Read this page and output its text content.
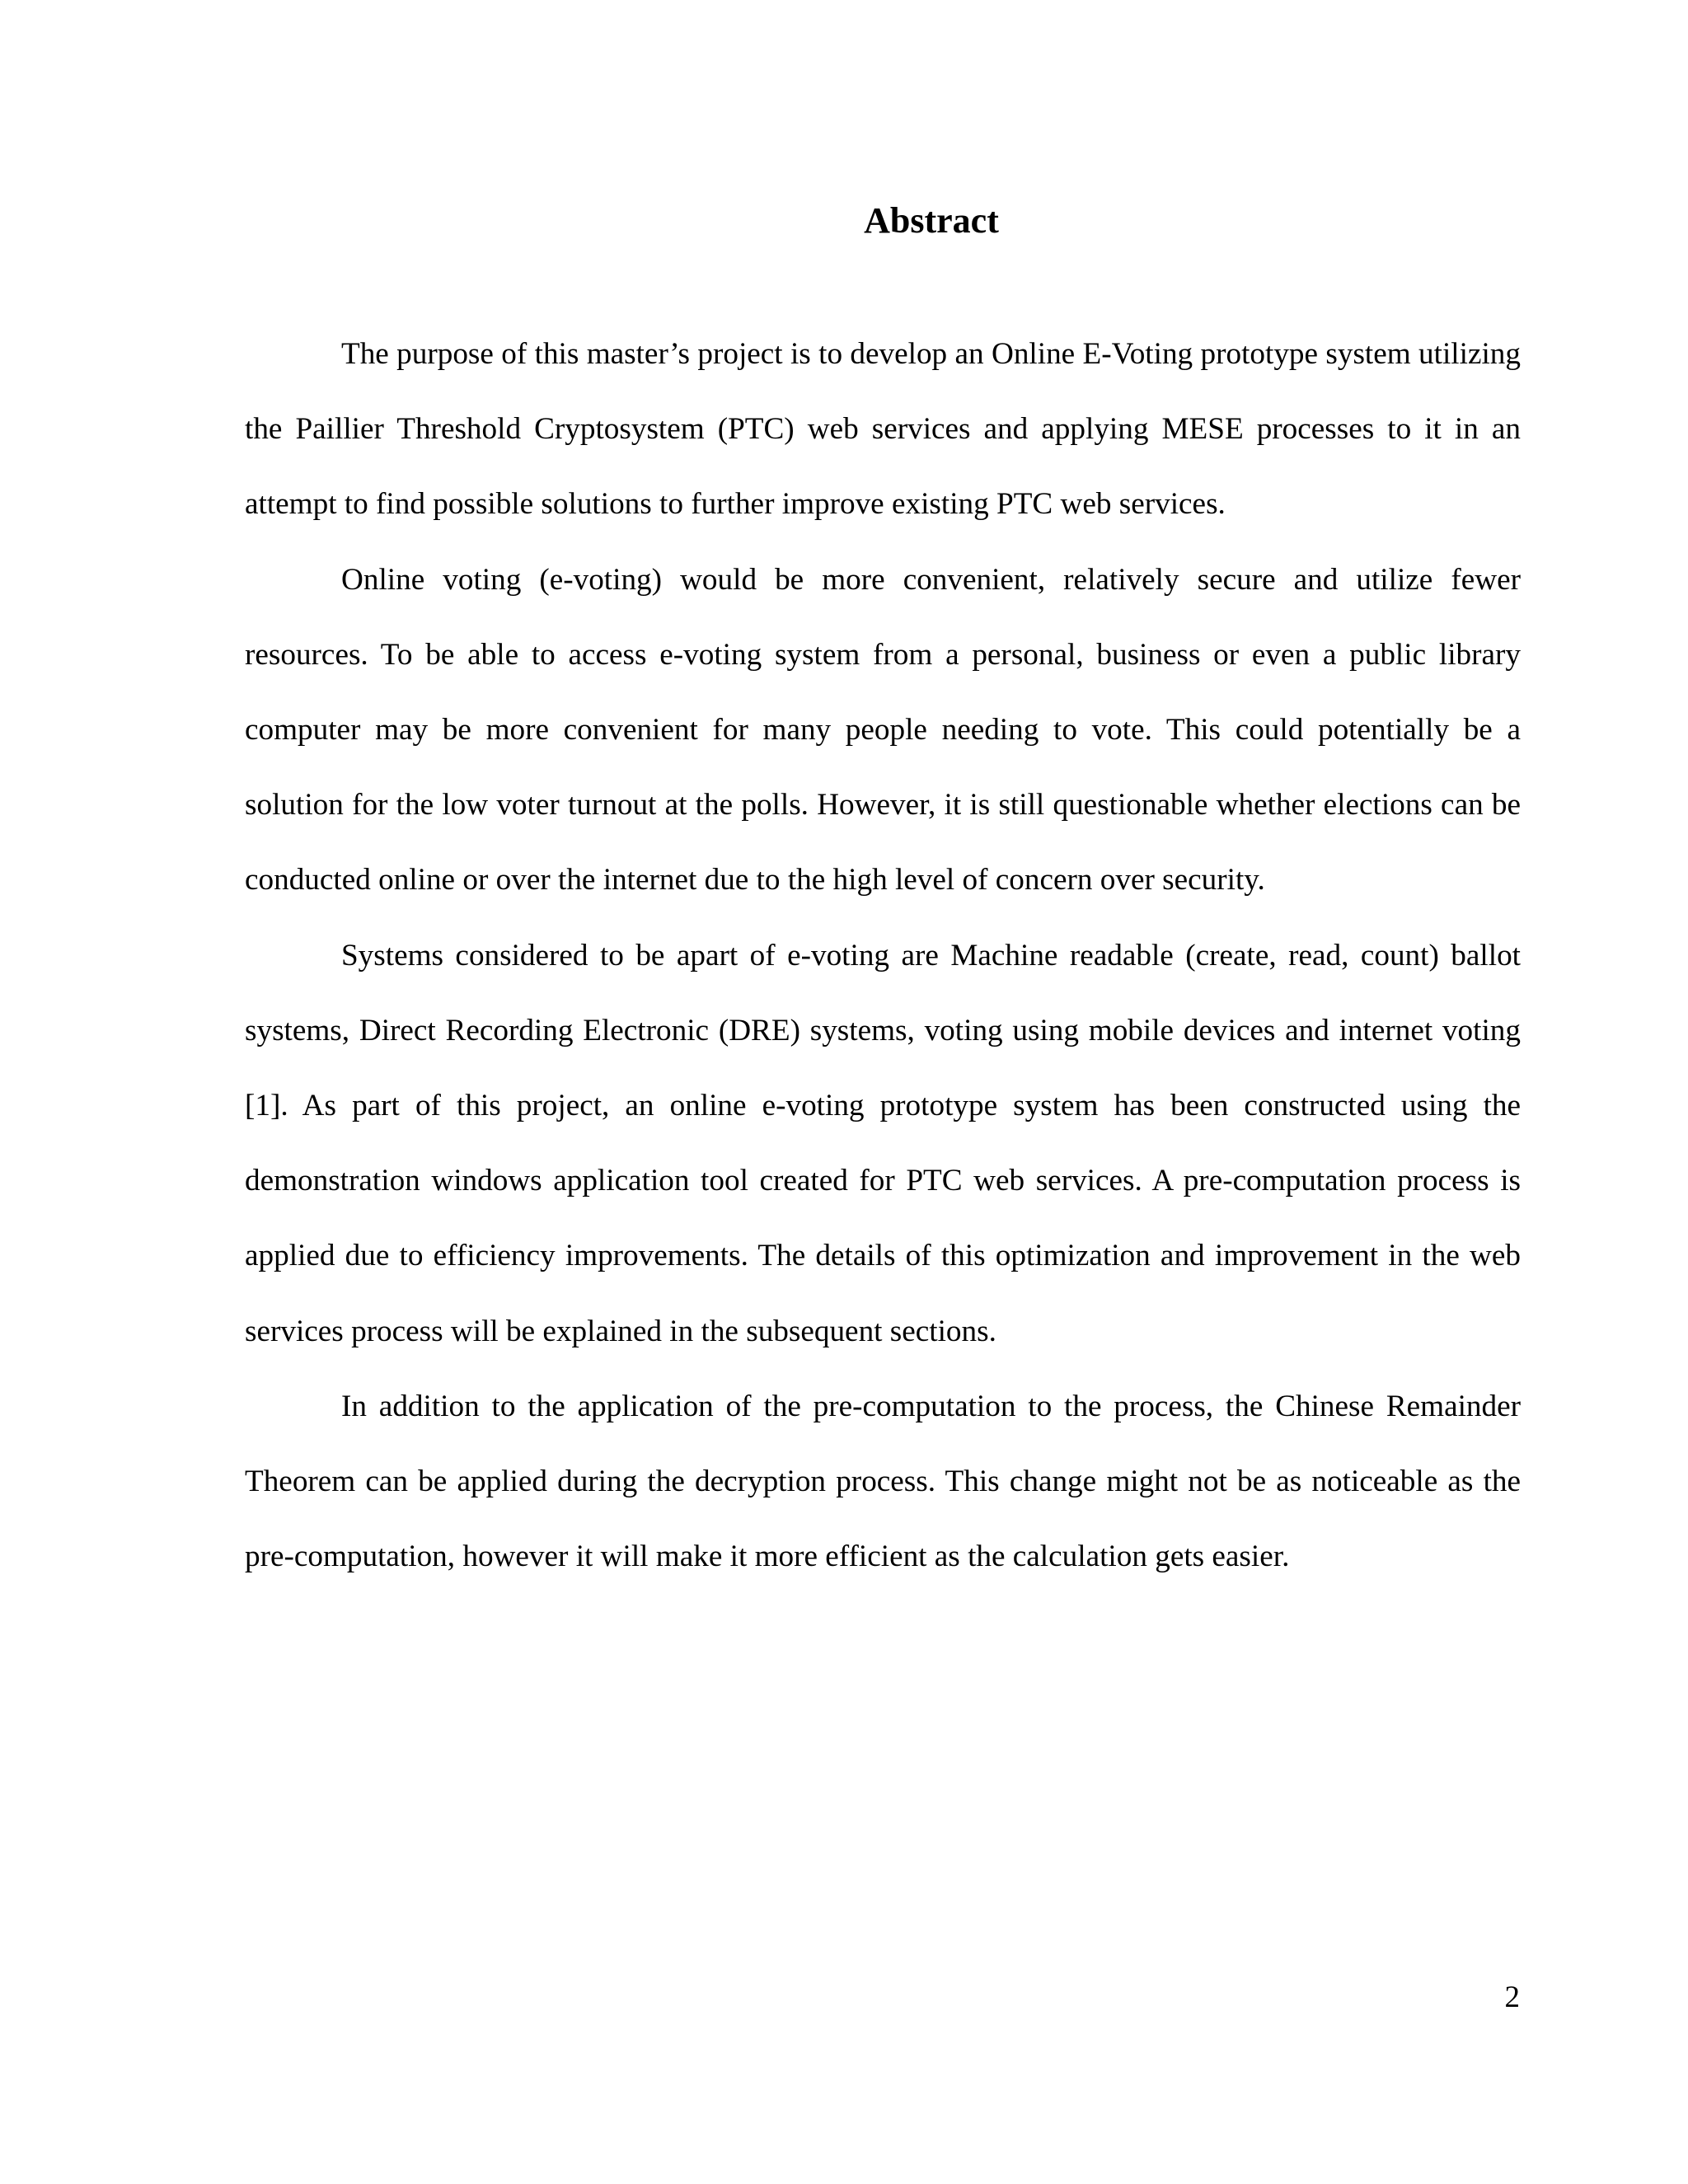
Abstract

The purpose of this master’s project is to develop an Online E-Voting prototype system utilizing the Paillier Threshold Cryptosystem (PTC) web services and applying MESE processes to it in an attempt to find possible solutions to further improve existing PTC web services.

Online voting (e-voting) would be more convenient, relatively secure and utilize fewer resources. To be able to access e-voting system from a personal, business or even a public library computer may be more convenient for many people needing to vote. This could potentially be a solution for the low voter turnout at the polls. However, it is still questionable whether elections can be conducted online or over the internet due to the high level of concern over security.

Systems considered to be apart of e-voting are Machine readable (create, read, count) ballot systems, Direct Recording Electronic (DRE) systems, voting using mobile devices and internet voting [1]. As part of this project, an online e-voting prototype system has been constructed using the demonstration windows application tool created for PTC web services. A pre-computation process is applied due to efficiency improvements. The details of this optimization and improvement in the web services process will be explained in the subsequent sections.

In addition to the application of the pre-computation to the process, the Chinese Remainder Theorem can be applied during the decryption process. This change might not be as noticeable as the pre-computation, however it will make it more efficient as the calculation gets easier.

2
